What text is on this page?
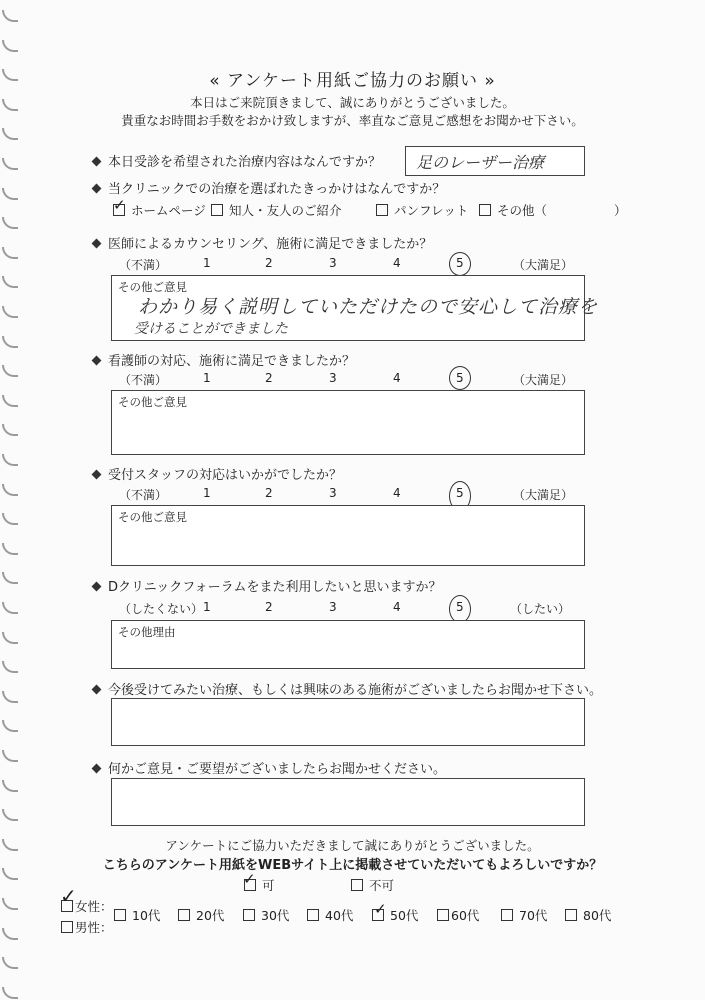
« アンケート用紙ご協力のお願い »
本日はご来院頂きまして、誠にありがとうございました。
貴重なお時間お手数をおかけ致しますが、率直なご意見ご感想をお聞かせ下さい。
本日受診を希望された治療内容はなんですか？ 足のレーザー治療
当クリニックでの治療を選ばれたきっかけはなんですか？
ホームページ
✓	知人・友人のご紹介	パンフレット	その他（	）
医師によるカウンセリング、施術に満足できましたか？
（不満）	1	2	3	4	5	（大満足）
その他ご意見
わかり易く説明していただけたので安心して治療を
受けることができました
看護師の対応、施術に満足できましたか？
（不満）	1	2	3	4	5	（大満足）
その他ご意見
受付スタッフの対応はいかがでしたか？
（不満）	1	2	3	4	5	（大満足）
その他ご意見
Dクリニックフォーラムをまた利用したいと思いますか？
（したくない） 1	2	3	4	5	（したい）
その他理由
今後受けてみたい治療、もしくは興味のある施術がございましたらお聞かせ下さい。
何かご意見・ご要望がございましたらお聞かせください。
アンケートにご協力いただきまして誠にありがとうございました。
こちらのアンケート用紙をWEBサイト上に掲載させていただいてもよろしいですか？
可
✓	不可
女性：
✓
男性：
10代	20代	30代	40代	50代
✓	60代	70代	80代
